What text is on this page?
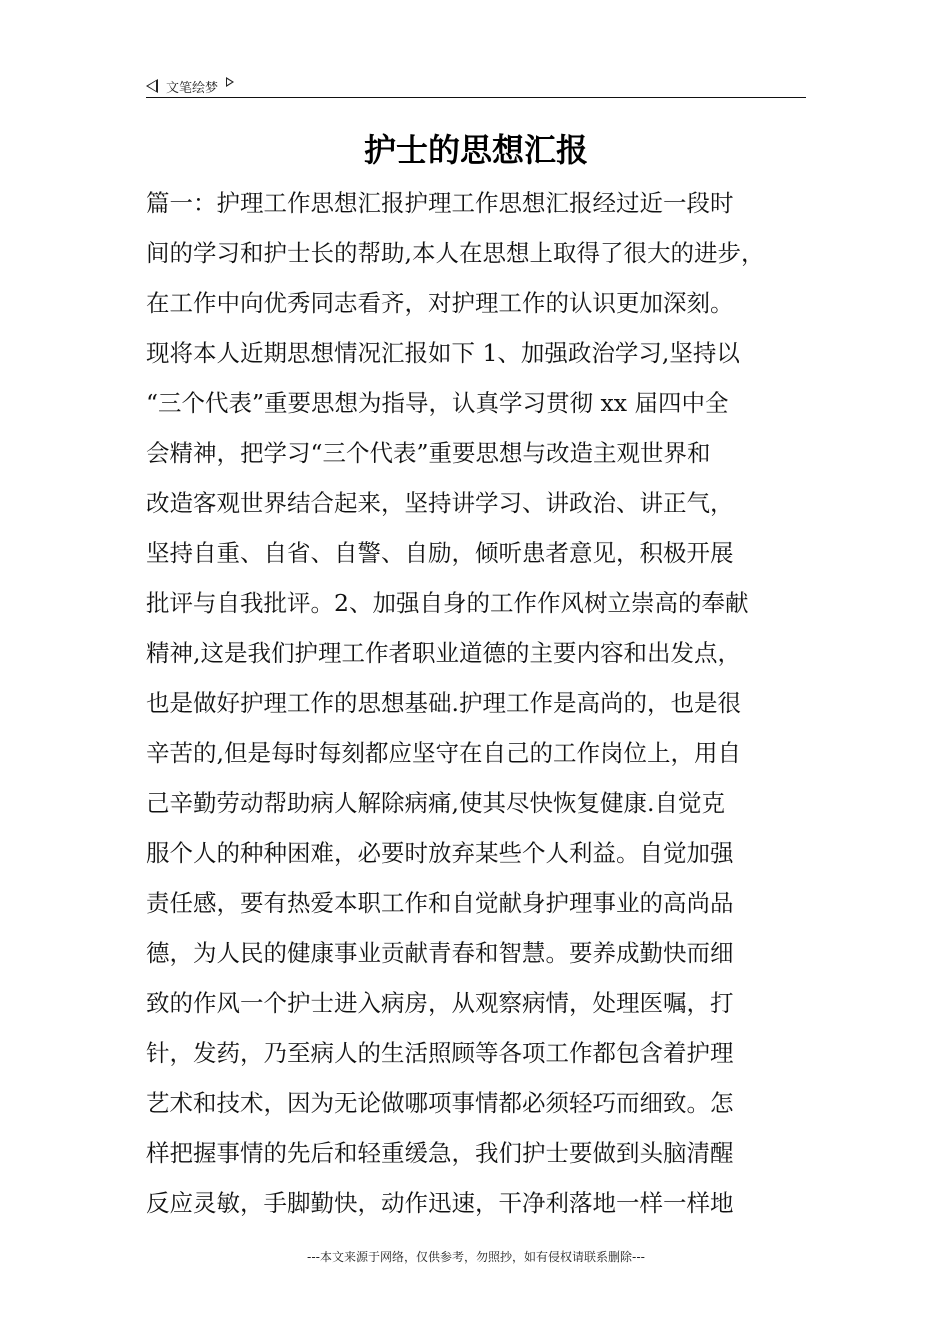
文笔绘梦
护士的思想汇报
篇一：护理工作思想汇报护理工作思想汇报经过近一段时
间的学习和护士长的帮助,本人在思想上取得了很大的进步，
在工作中向优秀同志看齐，对护理工作的认识更加深刻。
现将本人近期思想情况汇报如下 1、加强政治学习,坚持以
“三个代表”重要思想为指导，认真学习贯彻 xx 届四中全
会精神，把学习“三个代表”重要思想与改造主观世界和
改造客观世界结合起来，坚持讲学习、讲政治、讲正气，
坚持自重、自省、自警、自励，倾听患者意见，积极开展
批评与自我批评。2、加强自身的工作作风树立崇高的奉献
精神,这是我们护理工作者职业道德的主要内容和出发点，
也是做好护理工作的思想基础.护理工作是高尚的，也是很
辛苦的,但是每时每刻都应坚守在自己的工作岗位上，用自
己辛勤劳动帮助病人解除病痛,使其尽快恢复健康.自觉克
服个人的种种困难，必要时放弃某些个人利益。自觉加强
责任感，要有热爱本职工作和自觉献身护理事业的高尚品
德，为人民的健康事业贡献青春和智慧。要养成勤快而细
致的作风一个护士进入病房，从观察病情，处理医嘱，打
针，发药，乃至病人的生活照顾等各项工作都包含着护理
艺术和技术，因为无论做哪项事情都必须轻巧而细致。怎
样把握事情的先后和轻重缓急，我们护士要做到头脑清醒
反应灵敏，手脚勤快，动作迅速，干净利落地一样一样地
---本文来源于网络，仅供参考，勿照抄，如有侵权请联系删除---
